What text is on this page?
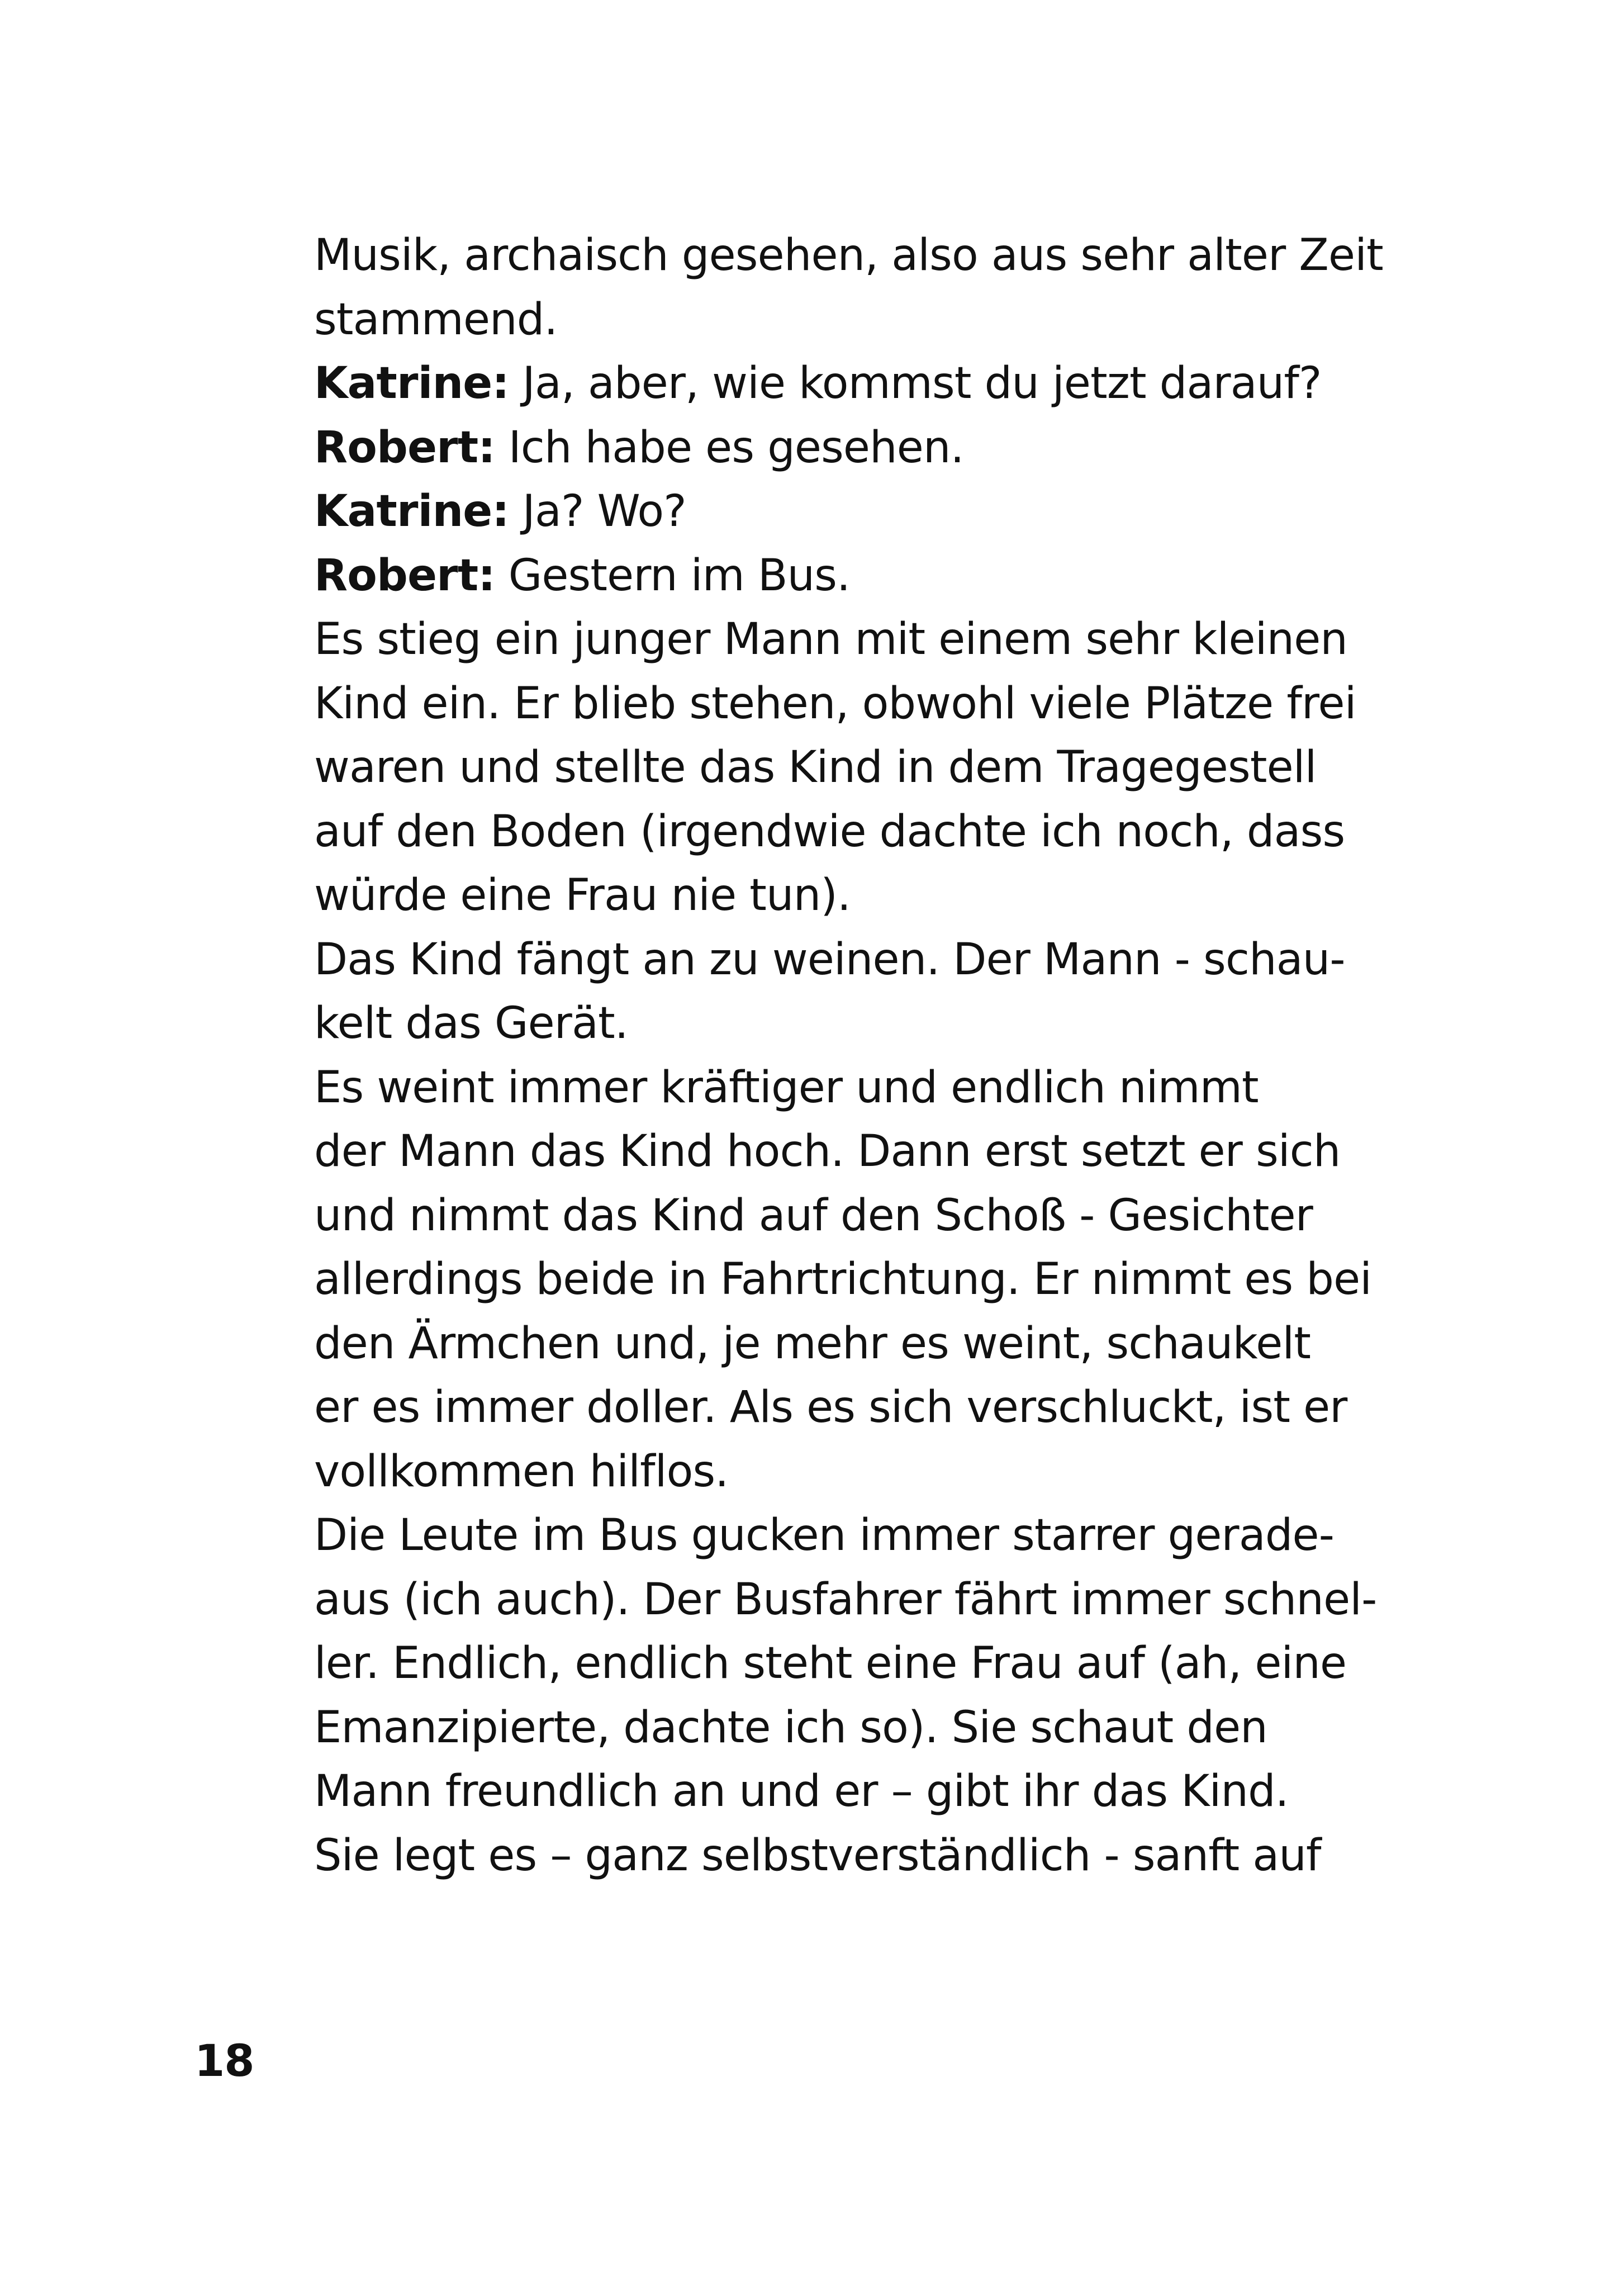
Musik, archaisch gesehen, also aus sehr alter Zeit
stammend.
Katrine: Ja, aber, wie kommst du jetzt darauf?
Robert: Ich habe es gesehen.
Katrine: Ja? Wo?
Robert: Gestern im Bus.
Es stieg ein junger Mann mit einem sehr kleinen
Kind ein. Er blieb stehen, obwohl viele Plätze frei
waren und stellte das Kind in dem Tragegestell
auf den Boden (irgendwie dachte ich noch, dass
würde eine Frau nie tun).
Das Kind fängt an zu weinen. Der Mann - schau-
kelt das Gerät.
Es weint immer kräftiger und endlich nimmt
der Mann das Kind hoch. Dann erst setzt er sich
und nimmt das Kind auf den Schoß - Gesichter
allerdings beide in Fahrtrichtung. Er nimmt es bei
den Ärmchen und, je mehr es weint, schaukelt
er es immer doller. Als es sich verschluckt, ist er
vollkommen hilflos.
Die Leute im Bus gucken immer starrer gerade-
aus (ich auch). Der Busfahrer fährt immer schnel-
ler. Endlich, endlich steht eine Frau auf (ah, eine
Emanzipierte, dachte ich so). Sie schaut den
Mann freundlich an und er – gibt ihr das Kind.
Sie legt es – ganz selbstverständlich - sanft auf
18
